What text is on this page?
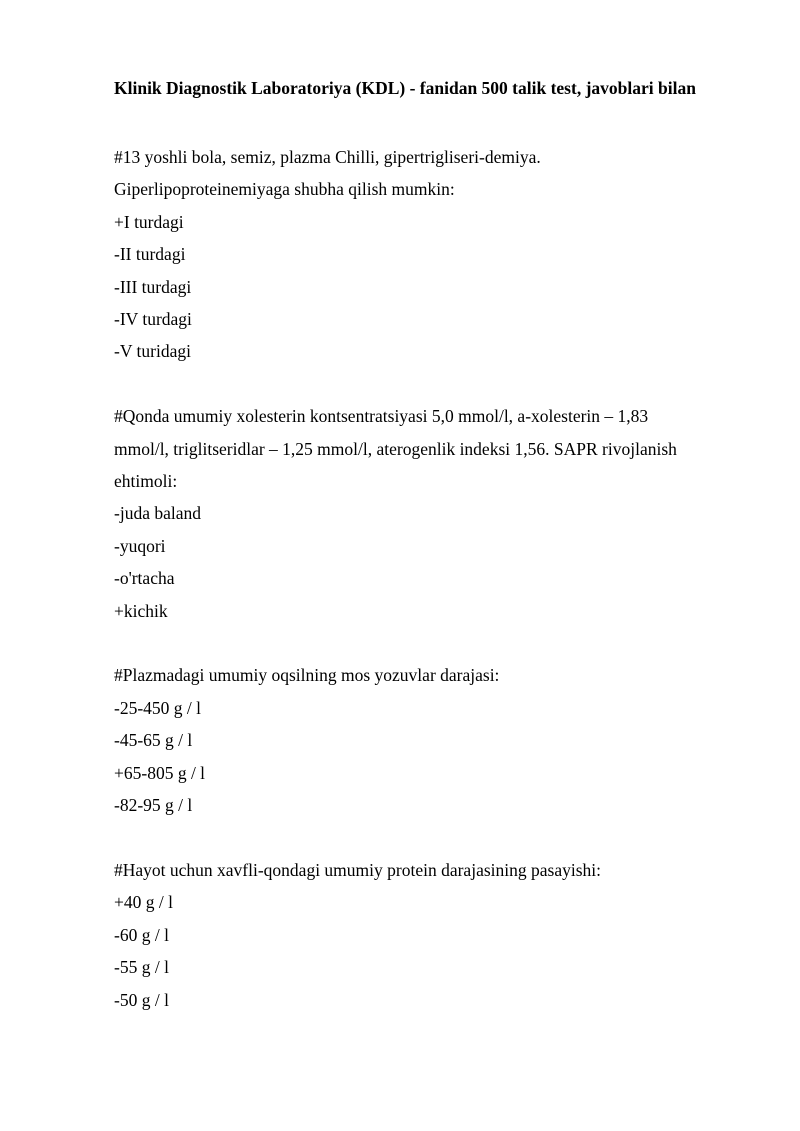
Klinik Diagnostik Laboratoriya (KDL) - fanidan 500 talik test, javoblari bilan

#13 yoshli bola, semiz, plazma Chilli, gipertrigliseri-demiya.

Giperlipoproteinemiyaga shubha qilish mumkin:

+I turdagi

-II turdagi

-III turdagi

-IV turdagi

-V turidagi

#Qonda umumiy xolesterin kontsentratsiyasi 5,0 mmol/l, a-xolesterin – 1,83

mmol/l, triglitseridlar – 1,25 mmol/l, aterogenlik indeksi 1,56. SAPR rivojlanish

ehtimoli:

-juda baland

-yuqori

-o'rtacha

+kichik

#Plazmadagi umumiy oqsilning mos yozuvlar darajasi:

-25-450 g / l

-45-65 g / l

+65-805 g / l

-82-95 g / l

#Hayot uchun xavfli-qondagi umumiy protein darajasining pasayishi:

+40 g / l

-60 g / l

-55 g / l

-50 g / l
